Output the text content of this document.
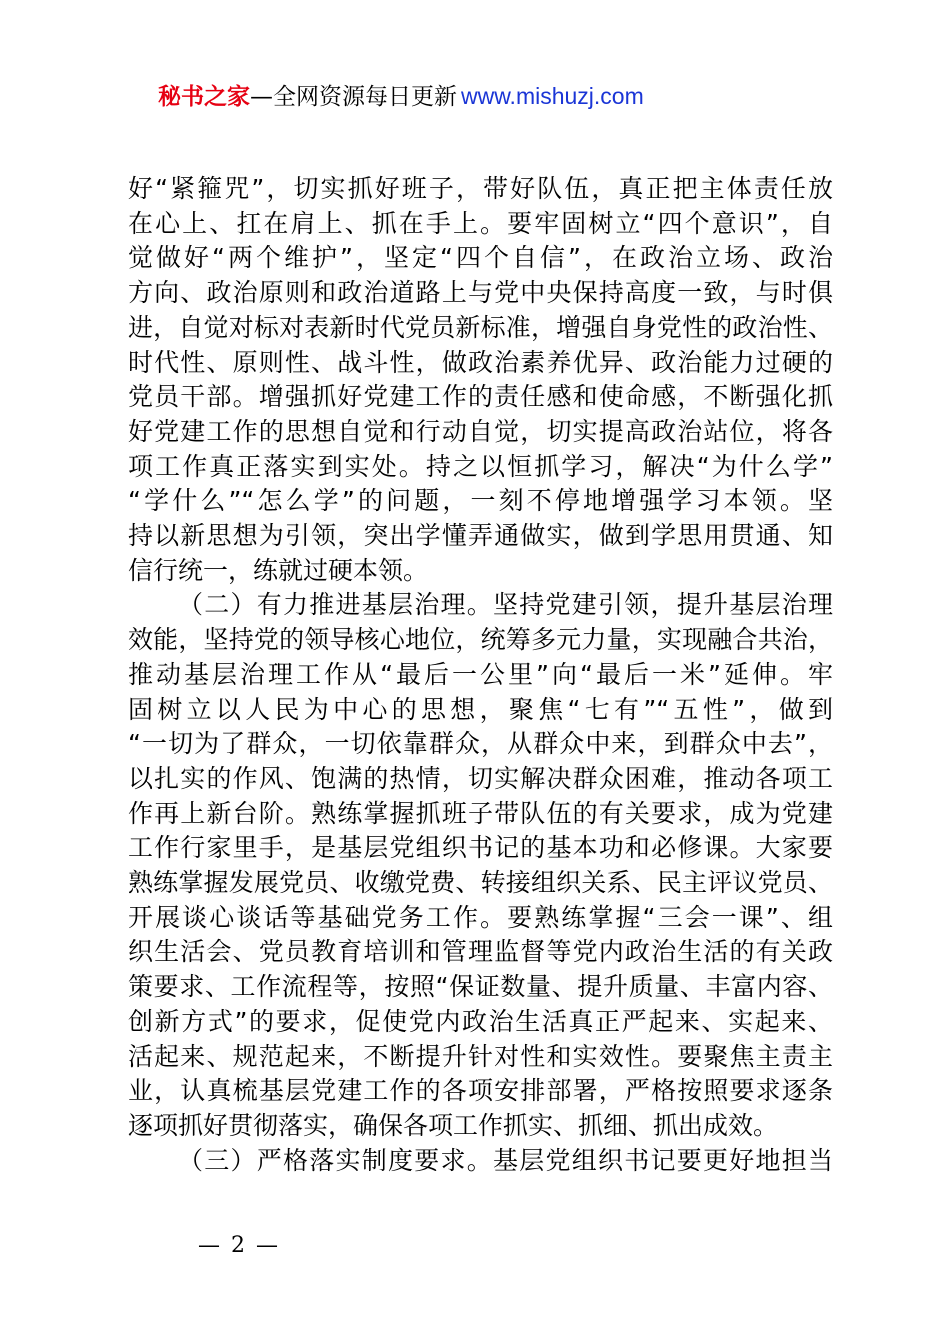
秘书之家—全网资源每日更新 www.mishuzj.com
好“紧箍咒”，切实抓好班子，带好队伍，真正把主体责任放
在心上、扛在肩上、抓在手上。要牢固树立“四个意识”，自
觉做好“两个维护”，坚定“四个自信”，在政治立场、政治
方向、政治原则和政治道路上与党中央保持高度一致，与时俱
进，自觉对标对表新时代党员新标准，增强自身党性的政治性、
时代性、原则性、战斗性，做政治素养优异、政治能力过硬的
党员干部。增强抓好党建工作的责任感和使命感，不断强化抓
好党建工作的思想自觉和行动自觉，切实提高政治站位，将各
项工作真正落实到实处。持之以恒抓学习，解决“为什么学”
“学什么”“怎么学”的问题，一刻不停地增强学习本领。坚
持以新思想为引领，突出学懂弄通做实，做到学思用贯通、知
信行统一，练就过硬本领。
（二）有力推进基层治理。坚持党建引领，提升基层治理
效能，坚持党的领导核心地位，统筹多元力量，实现融合共治，
推动基层治理工作从“最后一公里”向“最后一米”延伸。牢
固树立以人民为中心的思想，聚焦“七有”“五性”，做到
“一切为了群众，一切依靠群众，从群众中来，到群众中去”，
以扎实的作风、饱满的热情，切实解决群众困难，推动各项工
作再上新台阶。熟练掌握抓班子带队伍的有关要求，成为党建
工作行家里手，是基层党组织书记的基本功和必修课。大家要
熟练掌握发展党员、收缴党费、转接组织关系、民主评议党员、
开展谈心谈话等基础党务工作。要熟练掌握“三会一课”、组
织生活会、党员教育培训和管理监督等党内政治生活的有关政
策要求、工作流程等，按照“保证数量、提升质量、丰富内容、
创新方式”的要求，促使党内政治生活真正严起来、实起来、
活起来、规范起来，不断提升针对性和实效性。要聚焦主责主
业，认真梳基层党建工作的各项安排部署，严格按照要求逐条
逐项抓好贯彻落实，确保各项工作抓实、抓细、抓出成效。
（三）严格落实制度要求。基层党组织书记要更好地担当
— 2 —
